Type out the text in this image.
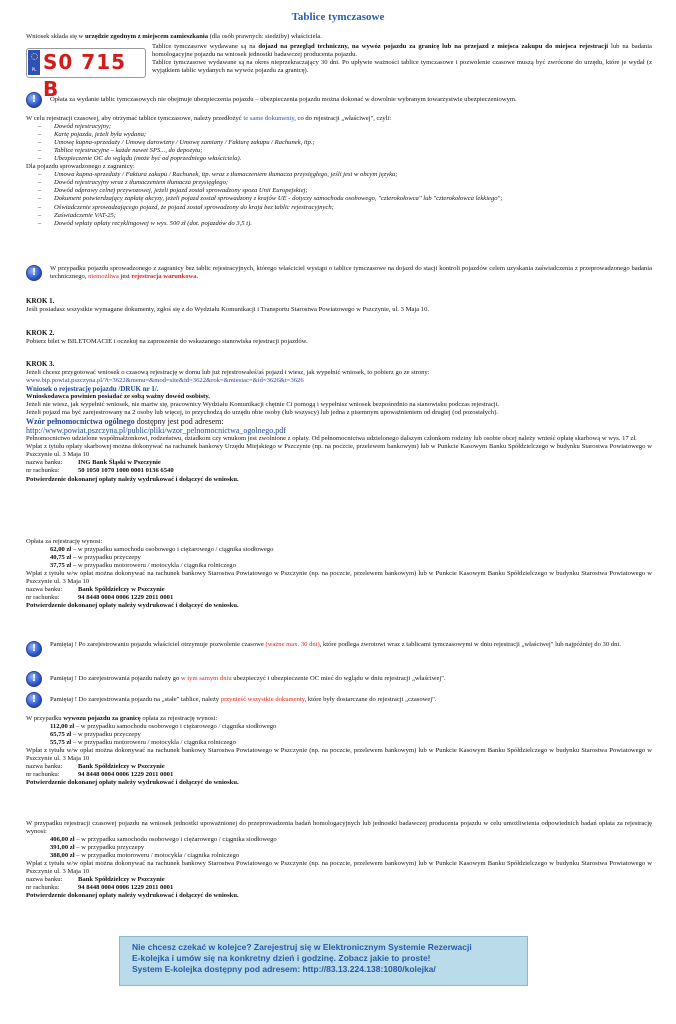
Tablice tymczasowe

Wniosek składa się w urzędzie zgodnym z miejscem zamieszkania (dla osób prawnych: siedziby) właściciela.

PL S0 715 B

Tablice tymczasowe wydawane są na dojazd na przegląd techniczny, na wywóz pojazdu za granicę lub na przejazd z miejsca zakupu do miejsca rejestracji lub na badania homologacyjne pojazdu na wniosek jednostki badawczej producenta pojazdu.

Tablice tymczasowe wydawane są na okres nieprzekraczający 30 dni. Po upływie ważności tablice tymczasowe i pozwolenie czasowe muszą być zwrócone do urzędu, które je wydał (z wyjątkiem tablic wydanych na wywóz pojazdu za granicę).

!	Opłata za wydanie tablic tymczasowych nie obejmuje ubezpieczenia pojazdu – ubezpieczenia pojazdu można dokonać w dowolnie wybranym towarzystwie ubezpieczeniowym.

W celu rejestracji czasowej, aby otrzymać tablice tymczasowe, należy przedłożyć te same dokumenty, co do rejestracji „właściwej", czyli:

– Dowód rejestracyjny;
– Kartę pojazdu, jeżeli była wydana;
– Umowę kupna-sprzedaży / Umowę darowizny / Umowę zamiany / Fakturę zakupu / Rachunek, itp.;
– Tablice rejestracyjne – każde nawet SPS..., do depozytu;
– Ubezpieczenie OC do wglądu (może być od poprzedniego właściciela).

Dla pojazdu sprowadzonego z zagranicy:

– Umowa kupna-sprzedaży / Faktura zakupu / Rachunek, itp. wraz z tłumaczeniem tłumacza przysięgłego, jeśli jest w obcym języku;
– Dowód rejestracyjny wraz z tłumaczeniem tłumacza przysięgłego;
– Dowód odprawy celnej przywozowej, jeżeli pojazd został sprowadzony spoza Unii Europejskiej;
– Dokument potwierdzający zapłatę akcyzy, jeżeli pojazd został sprowadzony z krajów UE - dotyczy samochodu osobowego, "czterokołowca" lub "czterokołowca lekkiego";
– Oświadczenie sprowadzającego pojazd, że pojazd został sprowadzony do kraju bez tablic rejestracyjnych;
– Zaświadczenie VAT-25;
– Dowód wpłaty opłaty recyklingowej w wys. 500 zł (dot. pojazdów do 3,5 t).
!	W przypadku pojazdu sprowadzonego z zagranicy bez tablic rejestracyjnych, którego właściciel wystąpi o tablice tymczasowe na dojazd do stacji kontroli pojazdów celem uzyskania zaświadczenia z przeprowadzonego badania technicznego, niemożliwa jest rejestracja warunkowa.

KROK 1.

Jeśli posiadasz wszystkie wymagane dokumenty, zgłoś się z do Wydziału Komunikacji i Transportu Starostwa Powiatowego w Pszczynie, ul. 3 Maja 10.

KROK 2.

Pobierz bilet w BILETOMACIE i oczekuj na zaproszenie do wskazanego stanowiska rejestracji pojazdów.

KROK 3.

Jeżeli chcesz przygotować wniosek o czasową rejestrację w domu lub już rejestrowałeś/aś pojazd i wiesz, jak wypełnić wniosek, to pobierz go ze strony:

www.bip.powiat.pszczyna.pl/?t=3622&menu=&mod=site&id=3622&rok=&miesiac=&id=3626&t=3626

Wniosek o rejestrację pojazdu /DRUK nr 1/.

Wnioskodawca powinien posiadać ze sobą ważny dowód osobisty.

Jeżeli nie wiesz, jak wypełnić wniosek, nie martw się, pracownicy Wydziału Komunikacji chętnie Ci pomogą i wypełnisz wniosek bezpośrednio na stanowisku podczas rejestracji.

Jeżeli pojazd ma być zarejestrowany na 2 osoby lub więcej, to przychodzą do urzędu obie osoby (lub wszyscy) lub jedna z pisemnym upoważnieniem od drugiej (od pozostałych).

Wzór pełnomocnictwa ogólnego dostępny jest pod adresem:

http://www.powiat.pszczyna.pl/public/pliki/wzor_pelnomocnictwa_ogolnego.pdf

Pełnomocnictwo udzielone współmałżonkowi, rodzeństwu, dziadkom czy wnukom jest zwolnione z opłaty. Od pełnomocnictwa udzielonego dalszym członkom rodziny lub osobie obcej należy wnieść opłatę skarbową w wys. 17 zł.

Wpłat z tytułu opłaty skarbowej można dokonywać na rachunek bankowy Urzędu Miejskiego w Pszczynie (np. na poczcie, przelewem bankowym) lub w Punkcie Kasowym Banku Spółdzielczego w budynku Starostwa Powiatowego w Pszczynie ul. 3 Maja 10

nazwa banku:	ING Bank Śląski w Pszczynie
nr rachunku:	50 1050 1070 1000 0001 0136 6540

Potwierdzenie dokonanej opłaty należy wydrukować i dołączyć do wniosku.

Opłata za rejestrację wynosi:

62,00 zł – w przypadku samochodu osobowego i ciężarowego / ciągnika siodłowego

40,75 zł – w przypadku przyczepy

37,75 zł – w przypadku motoroweru / motocykla / ciągnika rolniczego

Wpłat z tytułu w/w opłat można dokonywać na rachunek bankowy Starostwa Powiatowego w Pszczynie (np. na poczcie, przelewem bankowym) lub w Punkcie Kasowym Banku Spółdzielczego w budynku Starostwa Powiatowego w Pszczynie ul. 3 Maja 10

nazwa banku:	Bank Spółdzielczy w Pszczynie
nr rachunku:	94 8448 0004 0006 1229 2011 0001

Potwierdzenie dokonanej opłaty należy wydrukować i dołączyć do wniosku.

!	Pamiętaj ! Po zarejestrowaniu pojazdu właściciel otrzymuje pozwolenie czasowe (ważne max. 30 dni), które podlega zwrotowi wraz z tablicami tymczasowymi w dniu rejestracji „właściwej" lub najpóźniej do 30 dni.

!	Pamiętaj ! Do zarejestrowania pojazdu należy go w tym samym dniu ubezpieczyć i ubezpieczenie OC mieć do wglądu w dniu rejestracji „właściwej".

!	Pamiętaj ! Do zarejestrowania pojazdu na „stałe" tablice, należy przynieść wszystkie dokumenty, które były dostarczane do rejestracji „czasowej".

W przypadku wywozu pojazdu za granicę opłata za rejestrację wynosi:

112,00 zł – w przypadku samochodu osobowego i ciężarowego / ciągnika siodłowego

65,75 zł – w przypadku przyczepy

55,75 zł – w przypadku motoroweru / motocykla / ciągnika rolniczego

Wpłat z tytułu w/w opłat można dokonywać na rachunek bankowy Starostwa Powiatowego w Pszczynie (np. na poczcie, przelewem bankowym) lub w Punkcie Kasowym Banku Spółdzielczego w budynku Starostwa Powiatowego w Pszczynie ul. 3 Maja 10

nazwa banku:	Bank Spółdzielczy w Pszczynie
nr rachunku:	94 8448 0004 0006 1229 2011 0001

Potwierdzenie dokonanej opłaty należy wydrukować i dołączyć do wniosku.

W przypadku rejestracji czasowej pojazdu na wniosek jednostki upoważnionej do przeprowadzenia badań homologacyjnych lub jednostki badawczej producenta pojazdu w celu umożliwienia odpowiednich badań opłata za rejestrację wynosi:

406,00 zł – w przypadku samochodu osobowego i ciężarowego / ciągnika siodłowego

391,00 zł – w przypadku przyczepy

388,00 zł – w przypadku motoroweru / motocykla / ciągnika rolniczego

Wpłat z tytułu w/w opłat można dokonywać na rachunek bankowy Starostwa Powiatowego w Pszczynie (np. na poczcie, przelewem bankowym) lub w Punkcie Kasowym Banku Spółdzielczego w budynku Starostwa Powiatowego w Pszczynie ul. 3 Maja 10

nazwa banku:	Bank Spółdzielczy w Pszczynie
nr rachunku:	94 8448 0004 0006 1229 2011 0001

Potwierdzenie dokonanej opłaty należy wydrukować i dołączyć do wniosku.

Nie chcesz czekać w kolejce? Zarejestruj się w Elektronicznym Systemie Rezerwacji
E-kolejka i umów się na konkretny dzień i godzinę. Zobacz jakie to proste!
System E-kolejka dostępny pod adresem: http://83.13.224.138:1080/kolejka/
